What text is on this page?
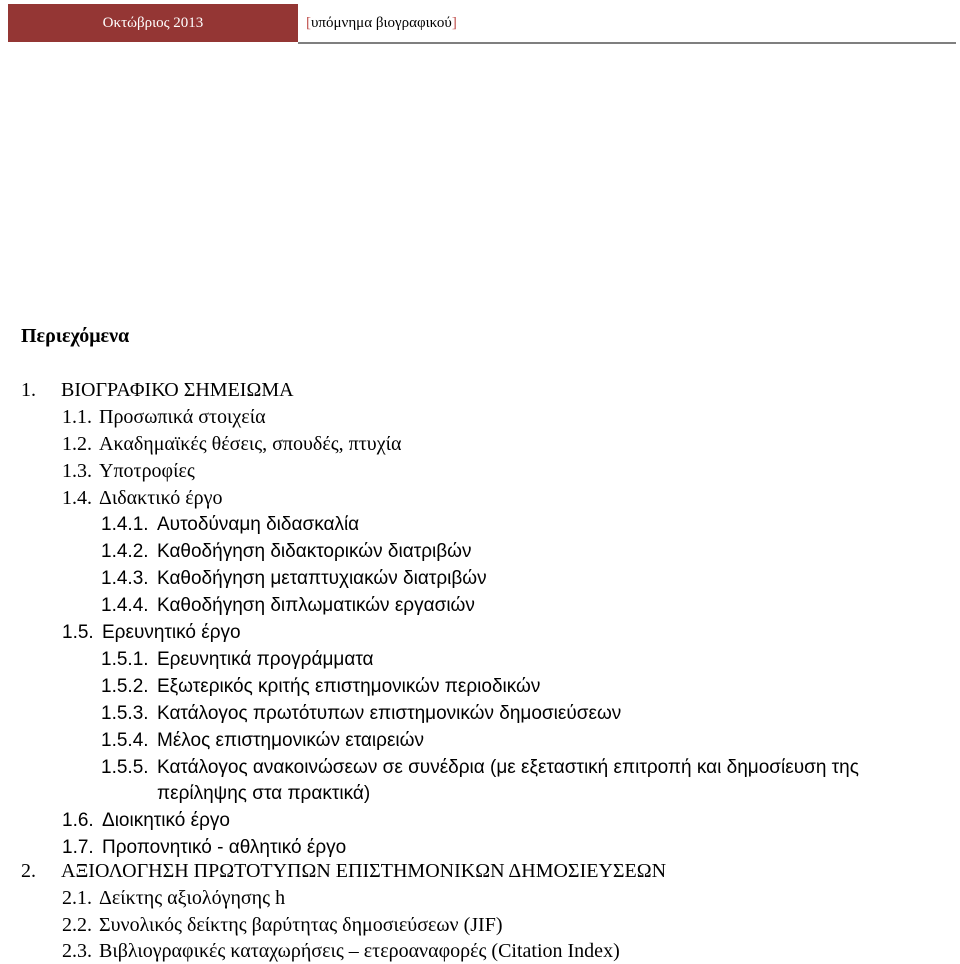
Οκτώβριος 2013	[υπόμνημα βιογραφικού]
Περιεχόμενα
1. ΒΙΟΓΡΑΦΙΚΟ ΣΗΜΕΙΩΜΑ
1.1. Προσωπικά στοιχεία
1.2. Ακαδημαϊκές θέσεις, σπουδές, πτυχία
1.3. Υποτροφίες
1.4. Διδακτικό έργο
1.4.1. Αυτοδύναμη διδασκαλία
1.4.2. Καθοδήγηση διδακτορικών διατριβών
1.4.3. Καθοδήγηση μεταπτυχιακών διατριβών
1.4.4. Καθοδήγηση διπλωματικών εργασιών
1.5. Ερευνητικό έργο
1.5.1. Ερευνητικά προγράμματα
1.5.2. Εξωτερικός κριτής επιστημονικών περιοδικών
1.5.3. Κατάλογος πρωτότυπων επιστημονικών δημοσιεύσεων
1.5.4. Μέλος επιστημονικών εταιρειών
1.5.5. Κατάλογος ανακοινώσεων σε συνέδρια (με εξεταστική επιτροπή και δημοσίευση της
περίληψης στα πρακτικά)
1.6. Διοικητικό έργο
1.7. Προπονητικό - αθλητικό έργο
2. ΑΞΙΟΛΟΓΗΣΗ ΠΡΩΤΟΤΥΠΩΝ ΕΠΙΣΤΗΜΟΝΙΚΩΝ ΔΗΜΟΣΙΕΥΣΕΩΝ
2.1. Δείκτης αξιολόγησης h
2.2. Συνολικός δείκτης βαρύτητας δημοσιεύσεων (JIF)
2.3. Βιβλιογραφικές καταχωρήσεις – ετεροαναφορές (Citation Index)
